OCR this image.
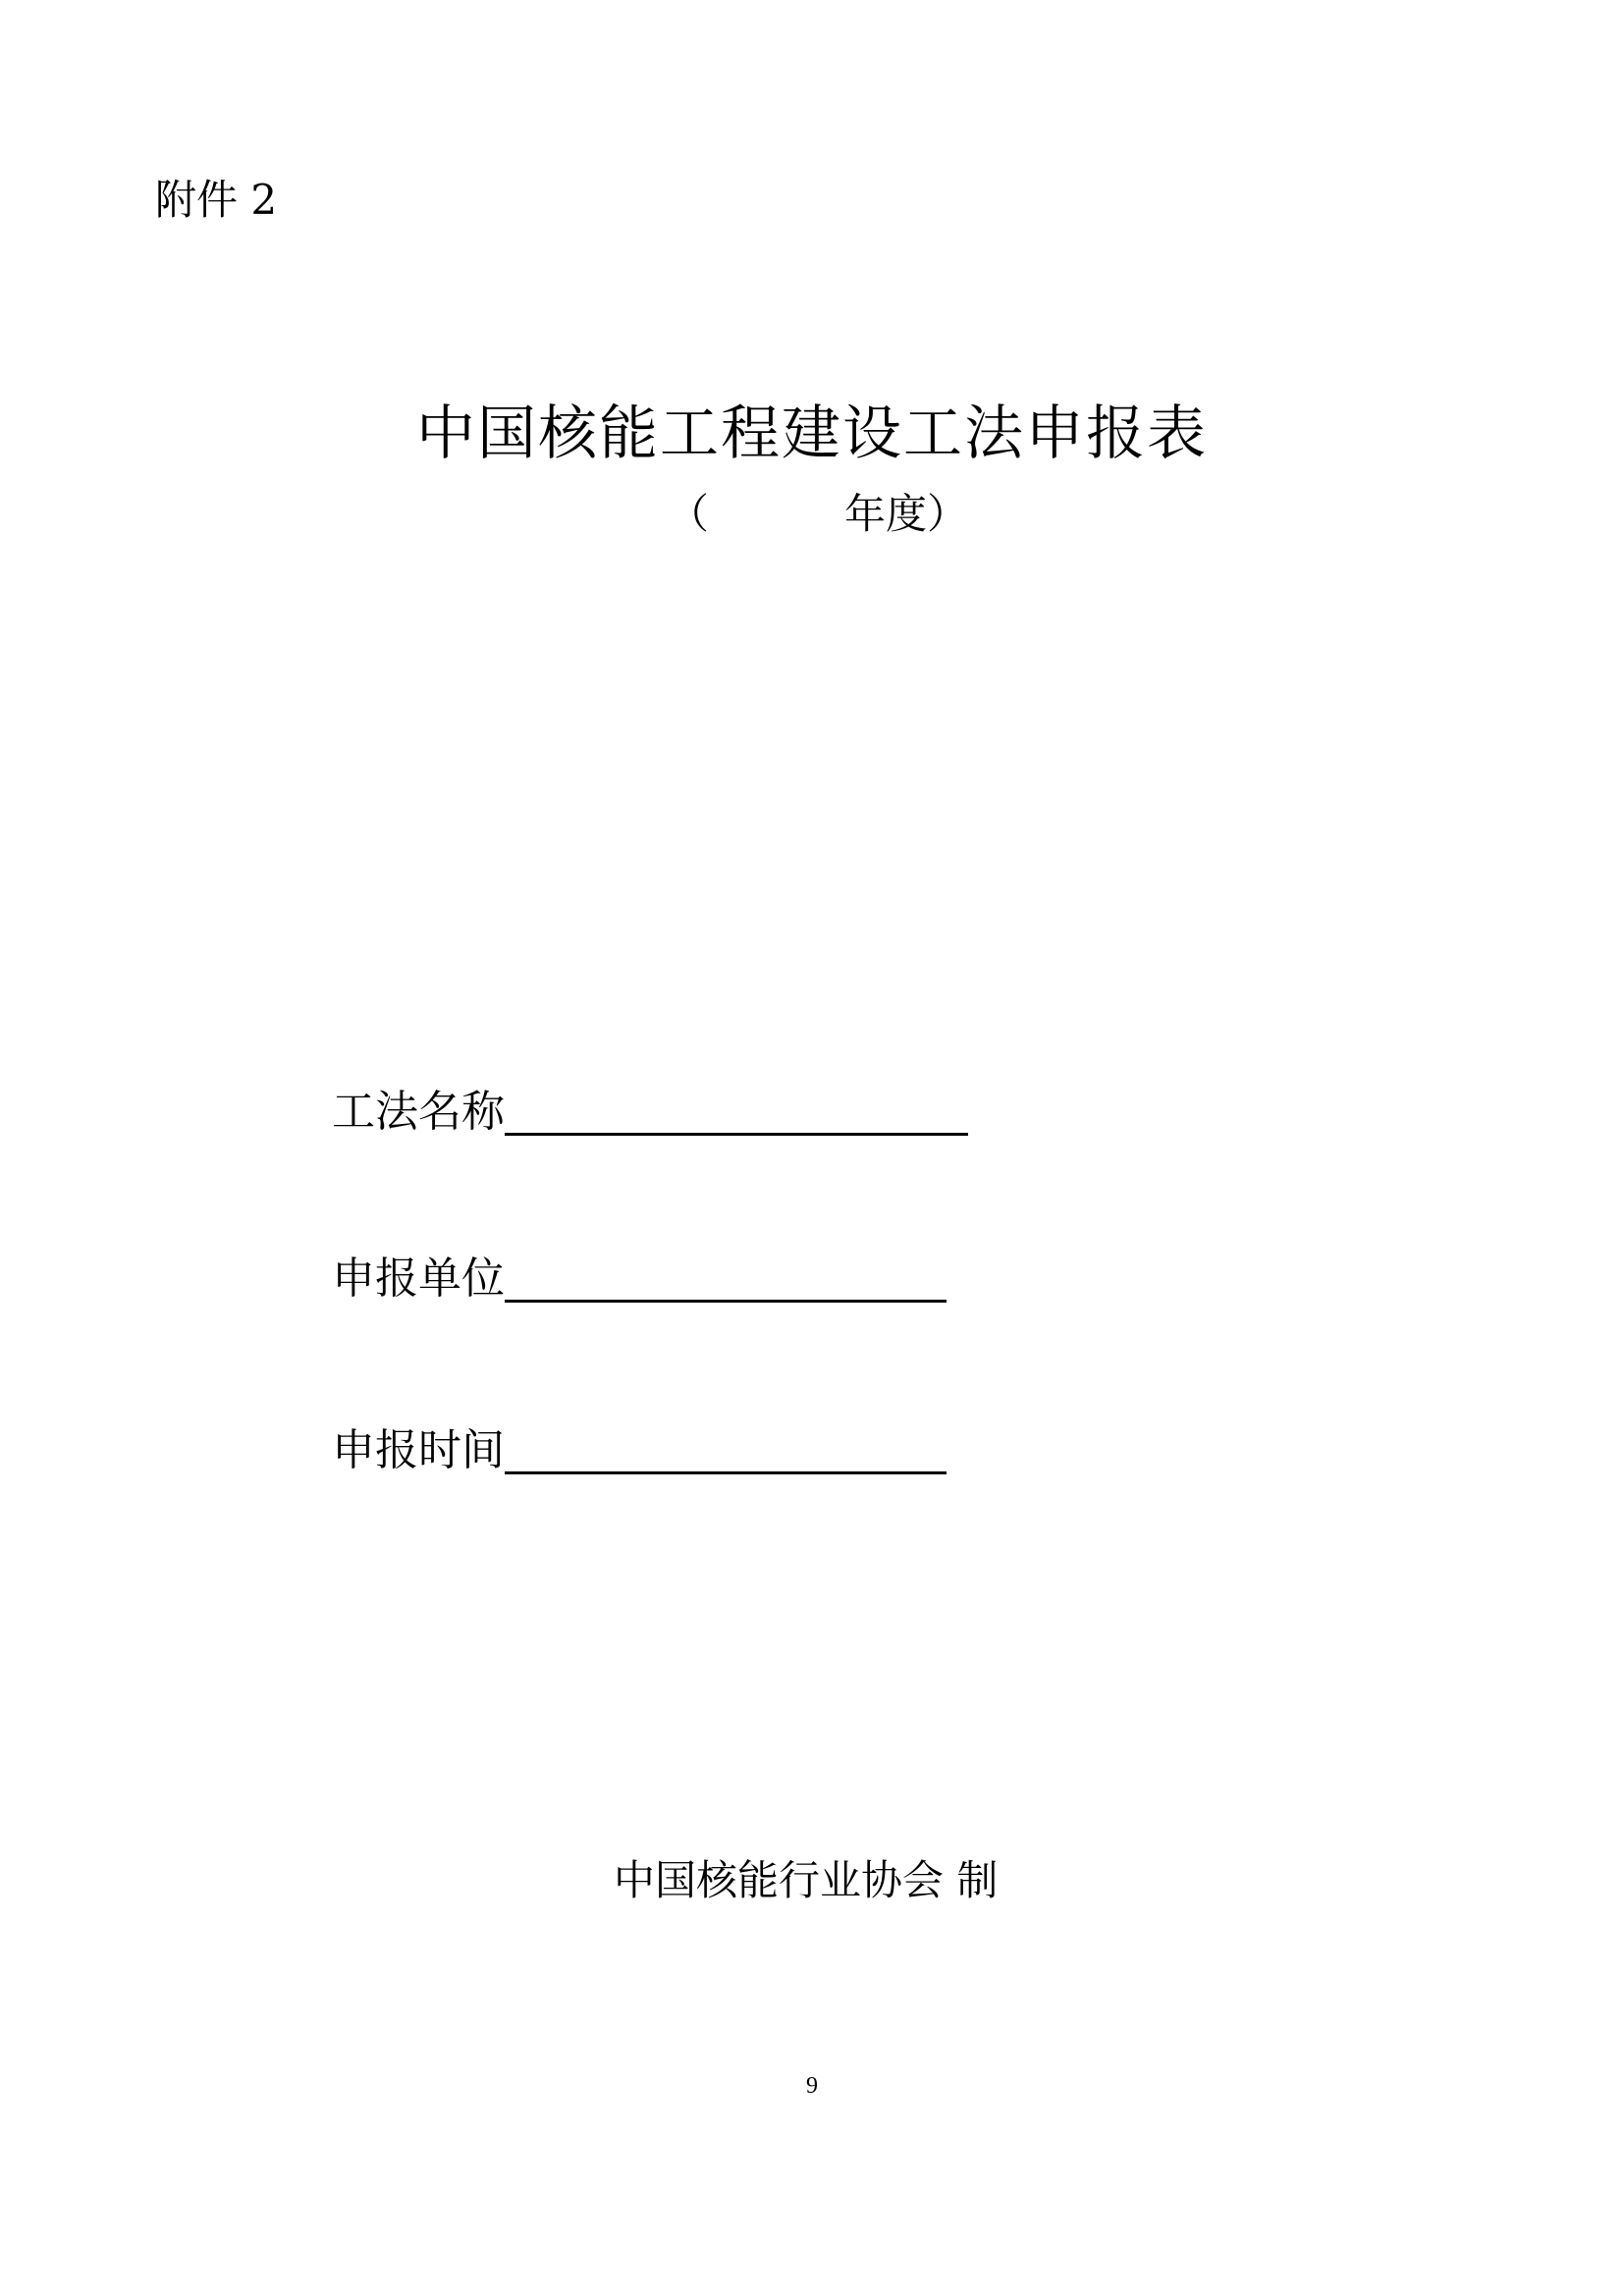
附件 2
中国核能工程建设工法申报表
（	年度）
工法名称
申报单位
申报时间
中国核能行业协会 制
9
